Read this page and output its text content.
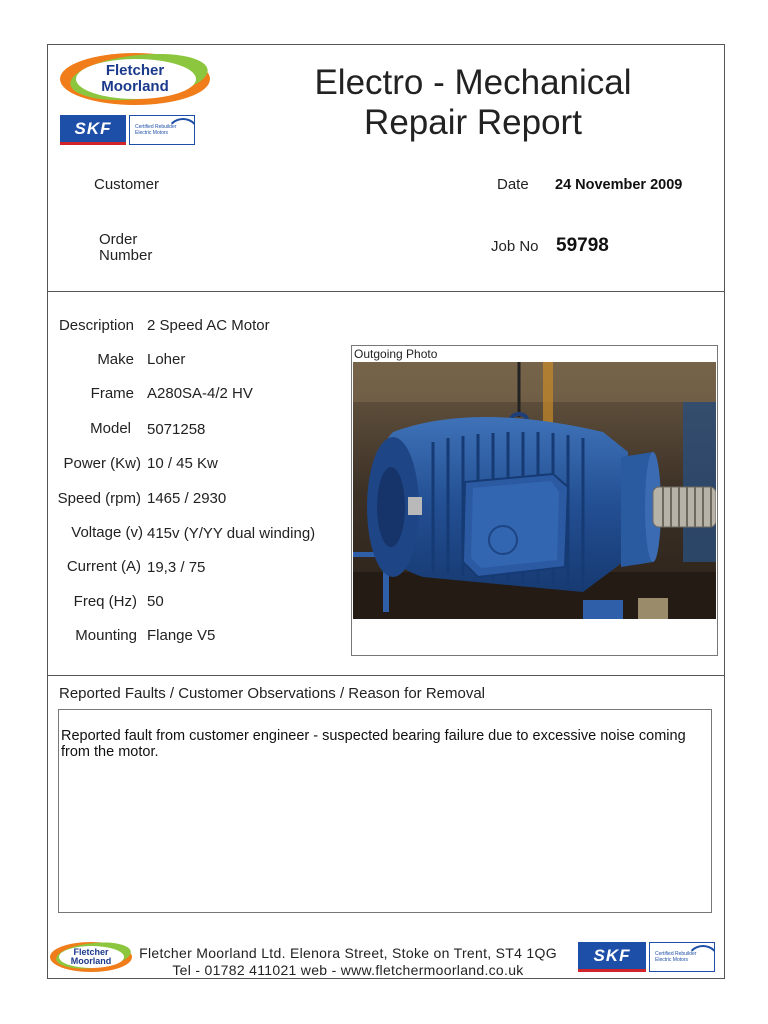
Fletcher
Moorland
SKF	Certified Rebuilder
Electric Motors
Electro - Mechanical
Repair Report
Customer
Order
Number
Date 24 November 2009
Job No 59798
Description 2 Speed AC Motor
Make Loher
Frame A280SA-4/2 HV
Model 5071258
Power (Kw) 10 / 45 Kw
Speed (rpm) 1465 / 2930
Voltage (v) 415v (Y/YY dual winding)
Current (A) 19,3 / 75
Freq (Hz) 50
Mounting Flange V5
Outgoing Photo
Reported Faults / Customer Observations / Reason for Removal
Reported fault from customer engineer - suspected bearing failure due to excessive noise coming from the motor.
Fletcher
Moorland	Fletcher Moorland Ltd. Elenora Street, Stoke on Trent, ST4 1QG
Tel - 01782 411021 web - www.fletchermoorland.co.uk
SKF	Certified Rebuilder
Electric Motors
